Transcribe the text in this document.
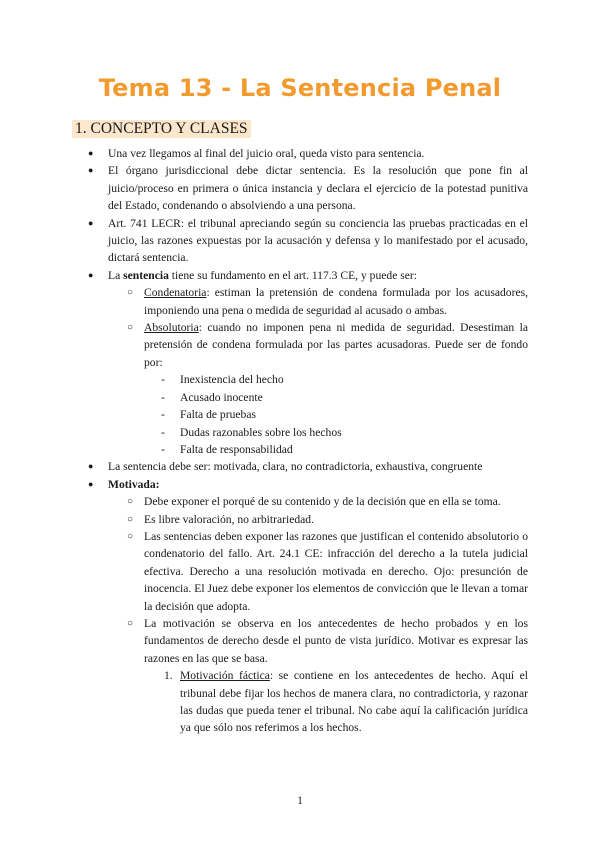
Tema 13 - La Sentencia Penal
1. CONCEPTO Y CLASES
● Una vez llegamos al final del juicio oral, queda visto para sentencia.
● El órgano jurisdiccional debe dictar sentencia. Es la resolución que pone fin al juicio/proceso en primera o única instancia y declara el ejercicio de la potestad punitiva del Estado, condenando o absolviendo a una persona.
● Art. 741 LECR: el tribunal apreciando según su conciencia las pruebas practicadas en el juicio, las razones expuestas por la acusación y defensa y lo manifestado por el acusado, dictará sentencia.
● La sentencia tiene su fundamento en el art. 117.3 CE, y puede ser:
○ Condenatoria: estiman la pretensión de condena formulada por los acusadores, imponiendo una pena o medida de seguridad al acusado o ambas.
○ Absolutoria: cuando no imponen pena ni medida de seguridad. Desestiman la pretensión de condena formulada por las partes acusadoras. Puede ser de fondo por:
- Inexistencia del hecho
- Acusado inocente
- Falta de pruebas
- Dudas razonables sobre los hechos
- Falta de responsabilidad
● La sentencia debe ser: motivada, clara, no contradictoria, exhaustiva, congruente
● Motivada:
○ Debe exponer el porqué de su contenido y de la decisión que en ella se toma.
○ Es libre valoración, no arbitrariedad.
○ Las sentencias deben exponer las razones que justifican el contenido absolutorio o condenatorio del fallo. Art. 24.1 CE: infracción del derecho a la tutela judicial efectiva. Derecho a una resolución motivada en derecho. Ojo: presunción de inocencia. El Juez debe exponer los elementos de convicción que le llevan a tomar la decisión que adopta.
○ La motivación se observa en los antecedentes de hecho probados y en los fundamentos de derecho desde el punto de vista jurídico. Motivar es expresar las razones en las que se basa.
1. Motivación fáctica: se contiene en los antecedentes de hecho. Aquí el tribunal debe fijar los hechos de manera clara, no contradictoria, y razonar las dudas que pueda tener el tribunal. No cabe aquí la calificación jurídica ya que sólo nos referimos a los hechos.
1
